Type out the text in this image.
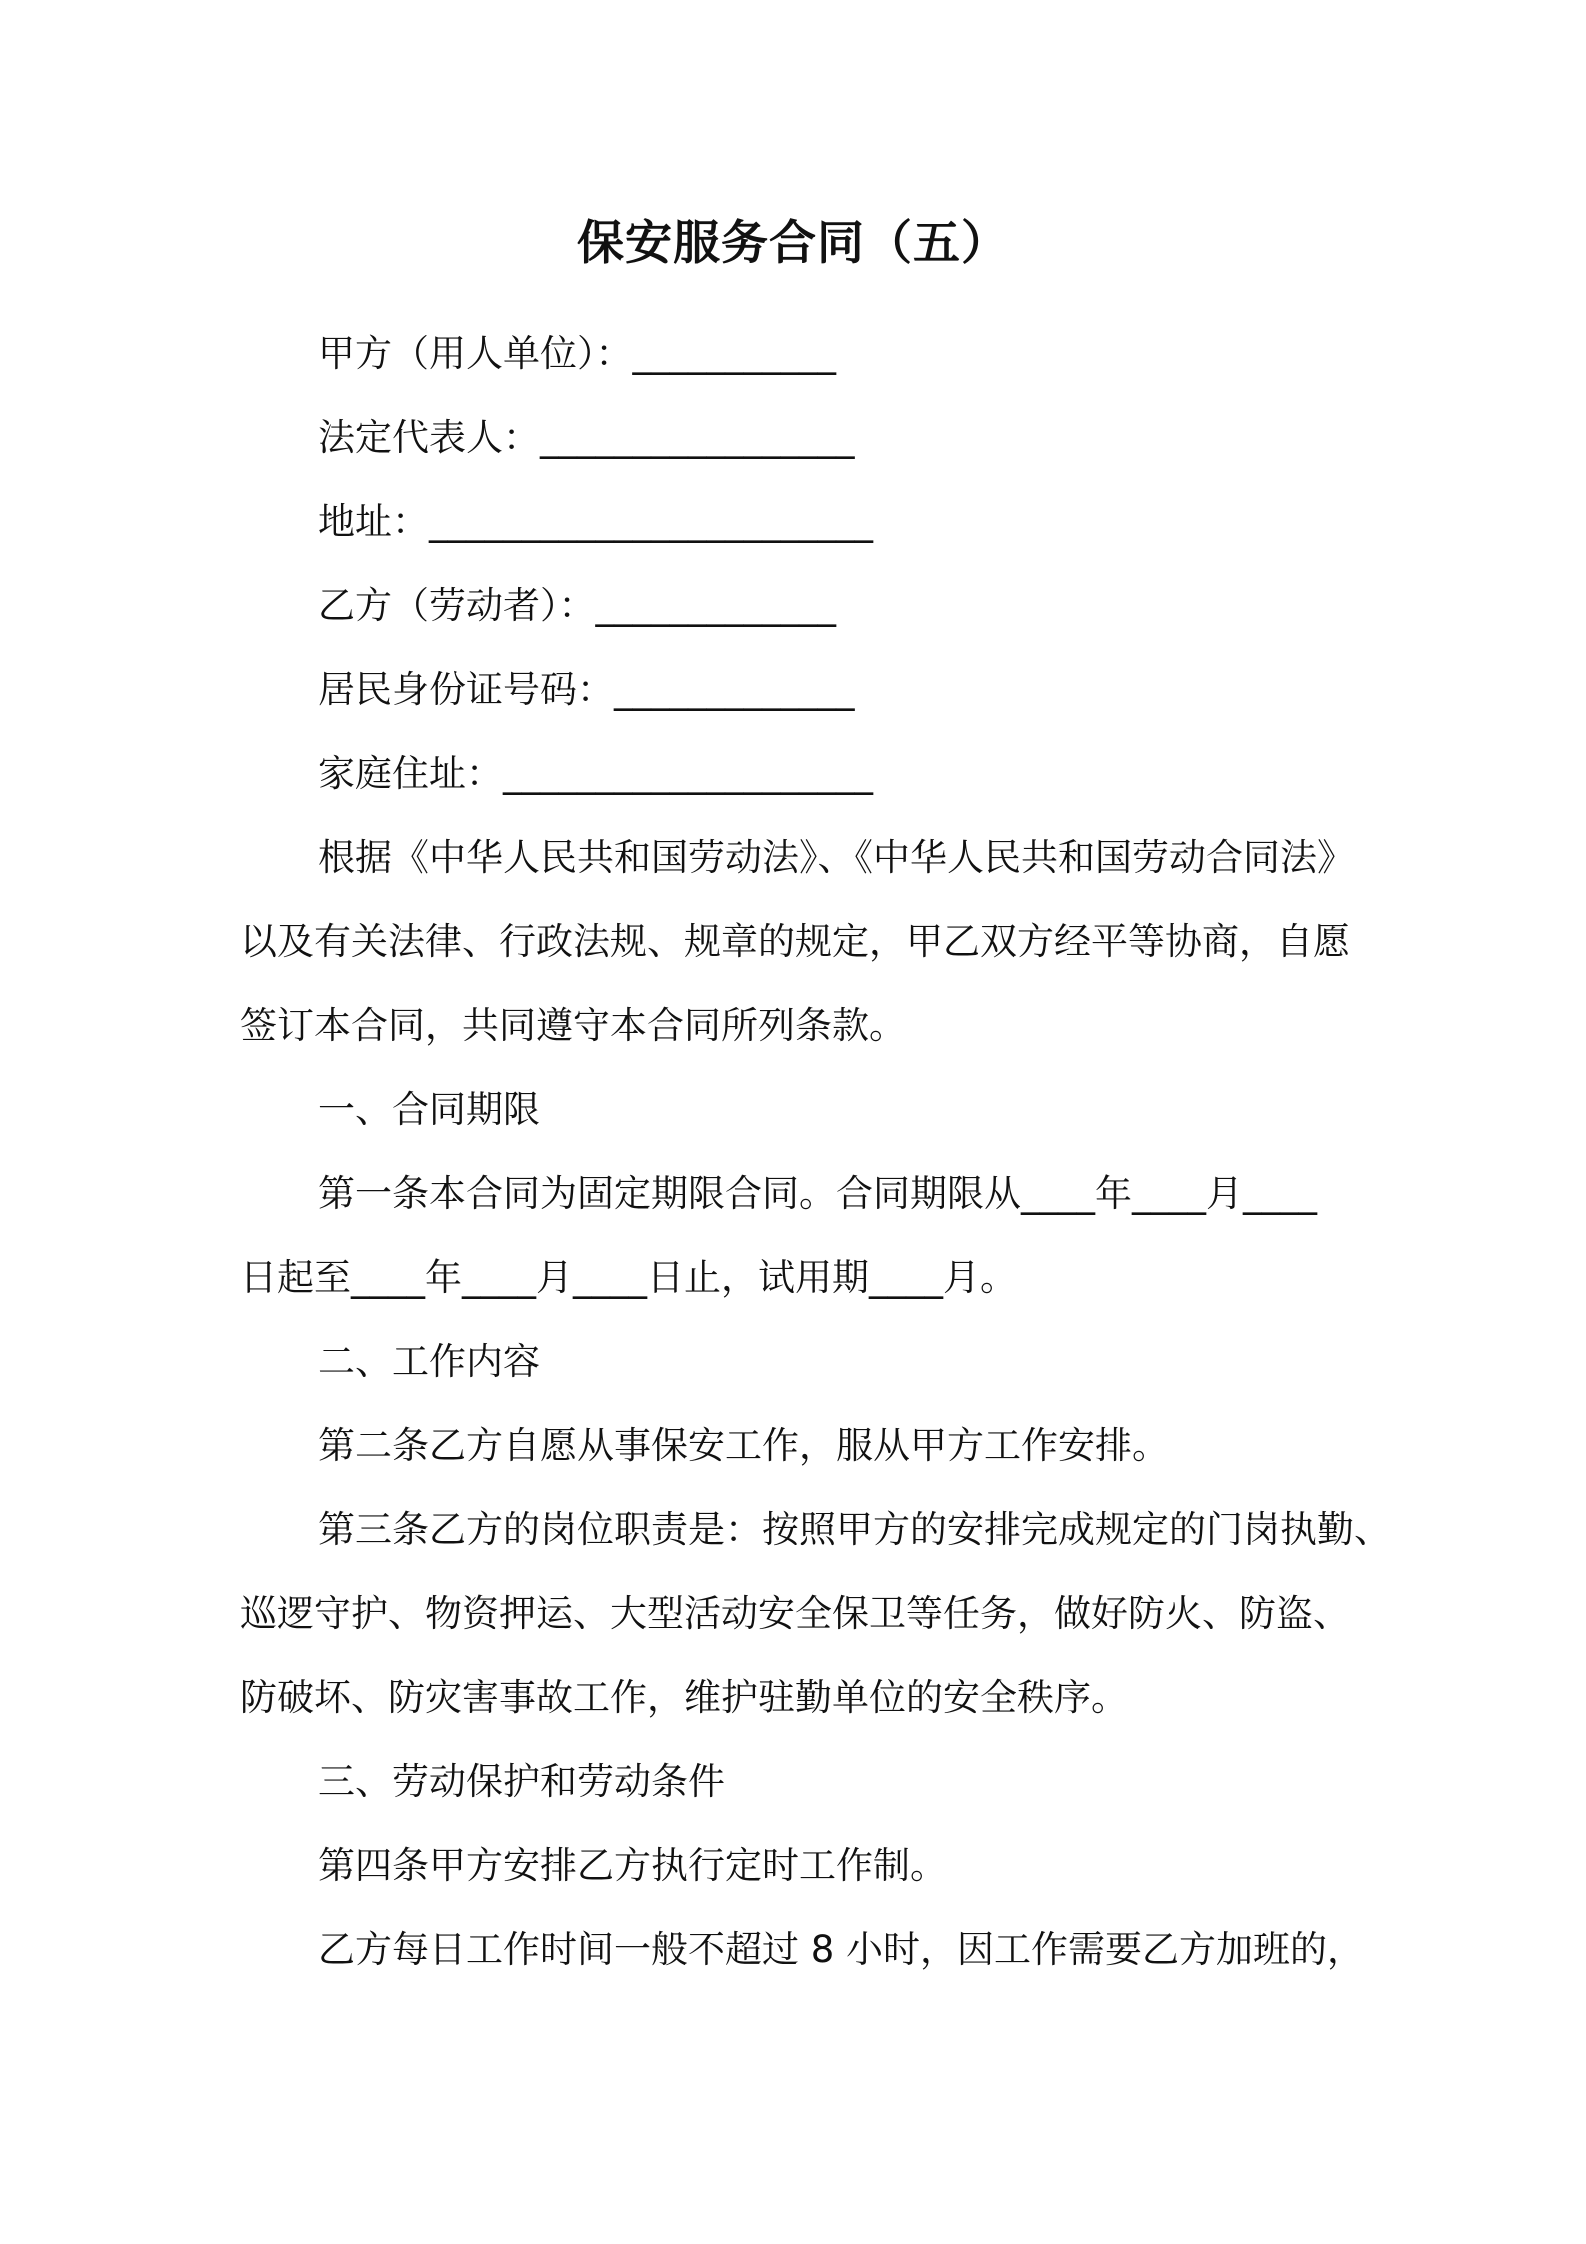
保安服务合同（五）
甲方（用人单位）：___________
法定代表人：_________________
地址：________________________
乙方（劳动者）：_____________
居民身份证号码：_____________
家庭住址：____________________
根据《中华人民共和国劳动法》、《中华人民共和国劳动合同法》
以及有关法律、行政法规、规章的规定，甲乙双方经平等协商，自愿
签订本合同，共同遵守本合同所列条款。
一、合同期限
第一条本合同为固定期限合同。合同期限从____年____月____
日起至____年____月____日止，试用期____月。
二、工作内容
第二条乙方自愿从事保安工作，服从甲方工作安排。
第三条乙方的岗位职责是：按照甲方的安排完成规定的门岗执勤、
巡逻守护、物资押运、大型活动安全保卫等任务，做好防火、防盗、
防破坏、防灾害事故工作，维护驻勤单位的安全秩序。
三、劳动保护和劳动条件
第四条甲方安排乙方执行定时工作制。
乙方每日工作时间一般不超过 8 小时，因工作需要乙方加班的，
